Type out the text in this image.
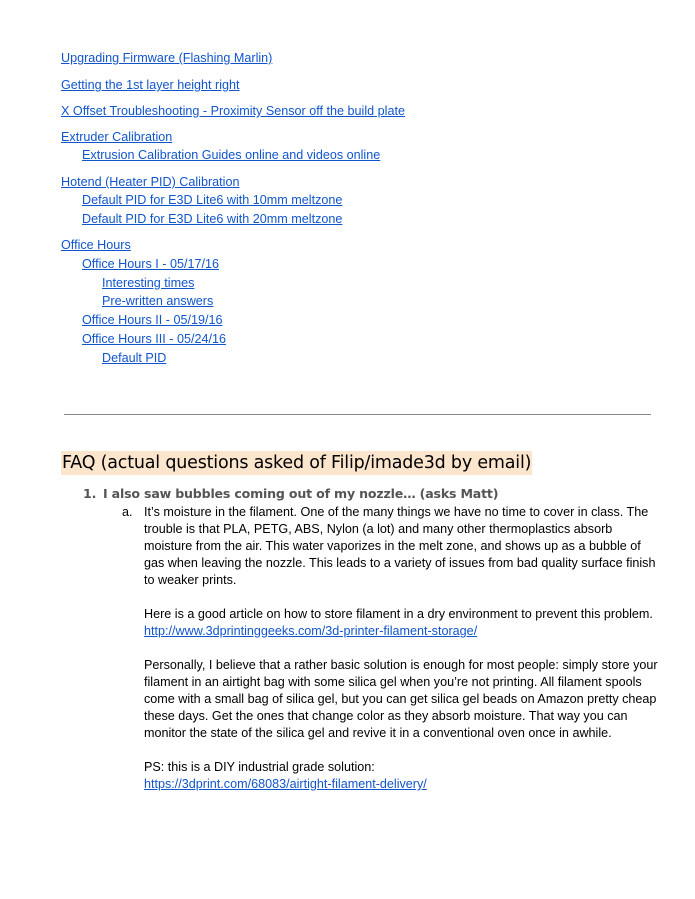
Upgrading Firmware (Flashing Marlin)
Getting the 1st layer height right
X Offset Troubleshooting - Proximity Sensor off the build plate
Extruder Calibration
Extrusion Calibration Guides online and videos online
Hotend (Heater PID) Calibration
Default PID for E3D Lite6 with 10mm meltzone
Default PID for E3D Lite6 with 20mm meltzone
Office Hours
Office Hours I - 05/17/16
Interesting times
Pre-written answers
Office Hours II - 05/19/16
Office Hours III - 05/24/16
Default PID
FAQ (actual questions asked of Filip/imade3d by email)
1. I also saw bubbles coming out of my nozzle… (asks Matt)
a. It’s moisture in the filament. One of the many things we have no time to cover in class. The trouble is that PLA, PETG, ABS, Nylon (a lot) and many other thermoplastics absorb moisture from the air. This water vaporizes in the melt zone, and shows up as a bubble of gas when leaving the nozzle. This leads to a variety of issues from bad quality surface finish to weaker prints.

Here is a good article on how to store filament in a dry environment to prevent this problem.
http://www.3dprintinggeeks.com/3d-printer-filament-storage/

Personally, I believe that a rather basic solution is enough for most people: simply store your filament in an airtight bag with some silica gel when you’re not printing. All filament spools come with a small bag of silica gel, but you can get silica gel beads on Amazon pretty cheap these days. Get the ones that change color as they absorb moisture. That way you can monitor the state of the silica gel and revive it in a conventional oven once in awhile.

PS: this is a DIY industrial grade solution:
https://3dprint.com/68083/airtight-filament-delivery/
